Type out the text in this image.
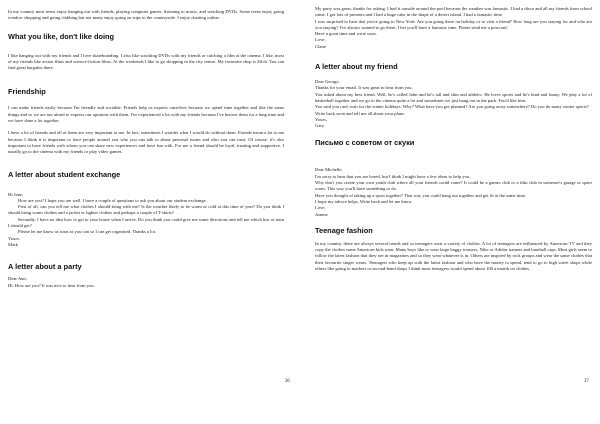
In my country most teens enjoy hanging out with friends, playing computer games, listening to music, and watching DVDs. Some teens enjoy going window shopping and going clubbing but not many enjoy going on trips to the countryside. I enjoy chatting online.

What you like, don't like doing

I like hanging out with my friends and I love skateboarding. I also like watching DVDs with my friends or catching a film at the cinema. I like, most of my friends like action films and science-fiction films. At the weekends I like to go shopping in the city centre. My favourite shop is Zilch. You can find great bargains there.

Friendship

I can make friends easily because I'm friendly and sociable. Friends help us express ourselves because we spend time together and like the same things and so we are not afraid to express our opinions with them. I've experienced a lot with my friends because I've known them for a long time and we have done a lot together.

I have a lot of friends and all of them are very important to me. In fact, sometimes I wonder what I would do without them. Friends mean a lot to me because I think it is important to have people around you who you can talk to about personal issues and who you can trust. Of course, it's also important to have friends with whom you can share new experiences and have fun with. For me a friend should be loyal, trusting and supportive. I usually go to the cinema with my friends or play video games.

A letter about student exchange

Hi Jane,

How are you? I hope you are well. I have a couple of questions to ask you about our student exchange.

First of all, can you tell me what clothes I should bring with me? Is the weather likely to be warm or cold at this time of year? Do you think I should bring warm clothes and a jacket or lighter clothes and perhaps a couple of T-shirts?

Secondly, I have no idea how to get to your house when I arrive. Do you think you could give me some directions and tell me which bus or train I should get?

Please let me know as soon as you can so I can get organised. Thanks a lot.

Yours,

Mark

A letter about a party

Dear Ann,

Hi. How are you? It was nice to hear from you.

36

My party was great, thanks for asking. I had it outside around the pool because the weather was fantastic. I had a disco and all my friends from school came. I got lots of presents and I had a huge cake in the shape of a desert island. I had a fantastic time.

I was surprised to hear that you're going to New York. Are you going there on holiday or to visit a friend? How long are you staying for and who are you staying? I've always wanted to go there. I bet you'll have a fantastic time. Please send me a postcard.

Have a great time and write soon.

Love,

Claire

A letter about my friend

Dear George,

Thanks for your email. It was great to hear from you.

You asked about my best friend. Well, he's called John and he's tall and slim and athletic. He loves sports and he's kind and funny. We play a lot of basketball together and we go to the cinema quite a lot and sometimes we just hang out in the park. You'd like him.

You said you can't wait for the winter holidays. Why? What have you got planned? Are you going away somewhere? Do you do many winter sports?

Write back soon and tell me all about your plans.

Yours,

Gary

Письмо с советом от скуки

Dear Michelle,

I'm sorry to hear that you are bored, but I think I might have a few ideas to help you.

Why don't you create your own youth club where all your friends could come? It could be a games club or a film club in someone's garage or spare room. This way you'll have something to do.

Have you thought of taking up a sport together? That way you could hang out together and get fit at the same time.

I hope my advice helps. Write back and let me know.

Love,

Joanne

Teenage fashion

In my country, there are always several trends and so teenagers wear a variety of clothes. A lot of teenagers are influenced by American TV and they copy the clothes some American kids wear. Many boys like to wear large baggy trousers, Nike or Adidas trainers and baseball caps. Most girls seem to follow the latest fashion that they see in magazines and so they wear whatever is in. Others are inspired by rock groups and wear the same clothes that their favourite singer wears. Teenagers who keep up with the latest fashion and who have the money to spend, tend to go to high street shops while others like going to markets or second-hand shops I think most teenagers would spend about 100 a month on clothes.

37
